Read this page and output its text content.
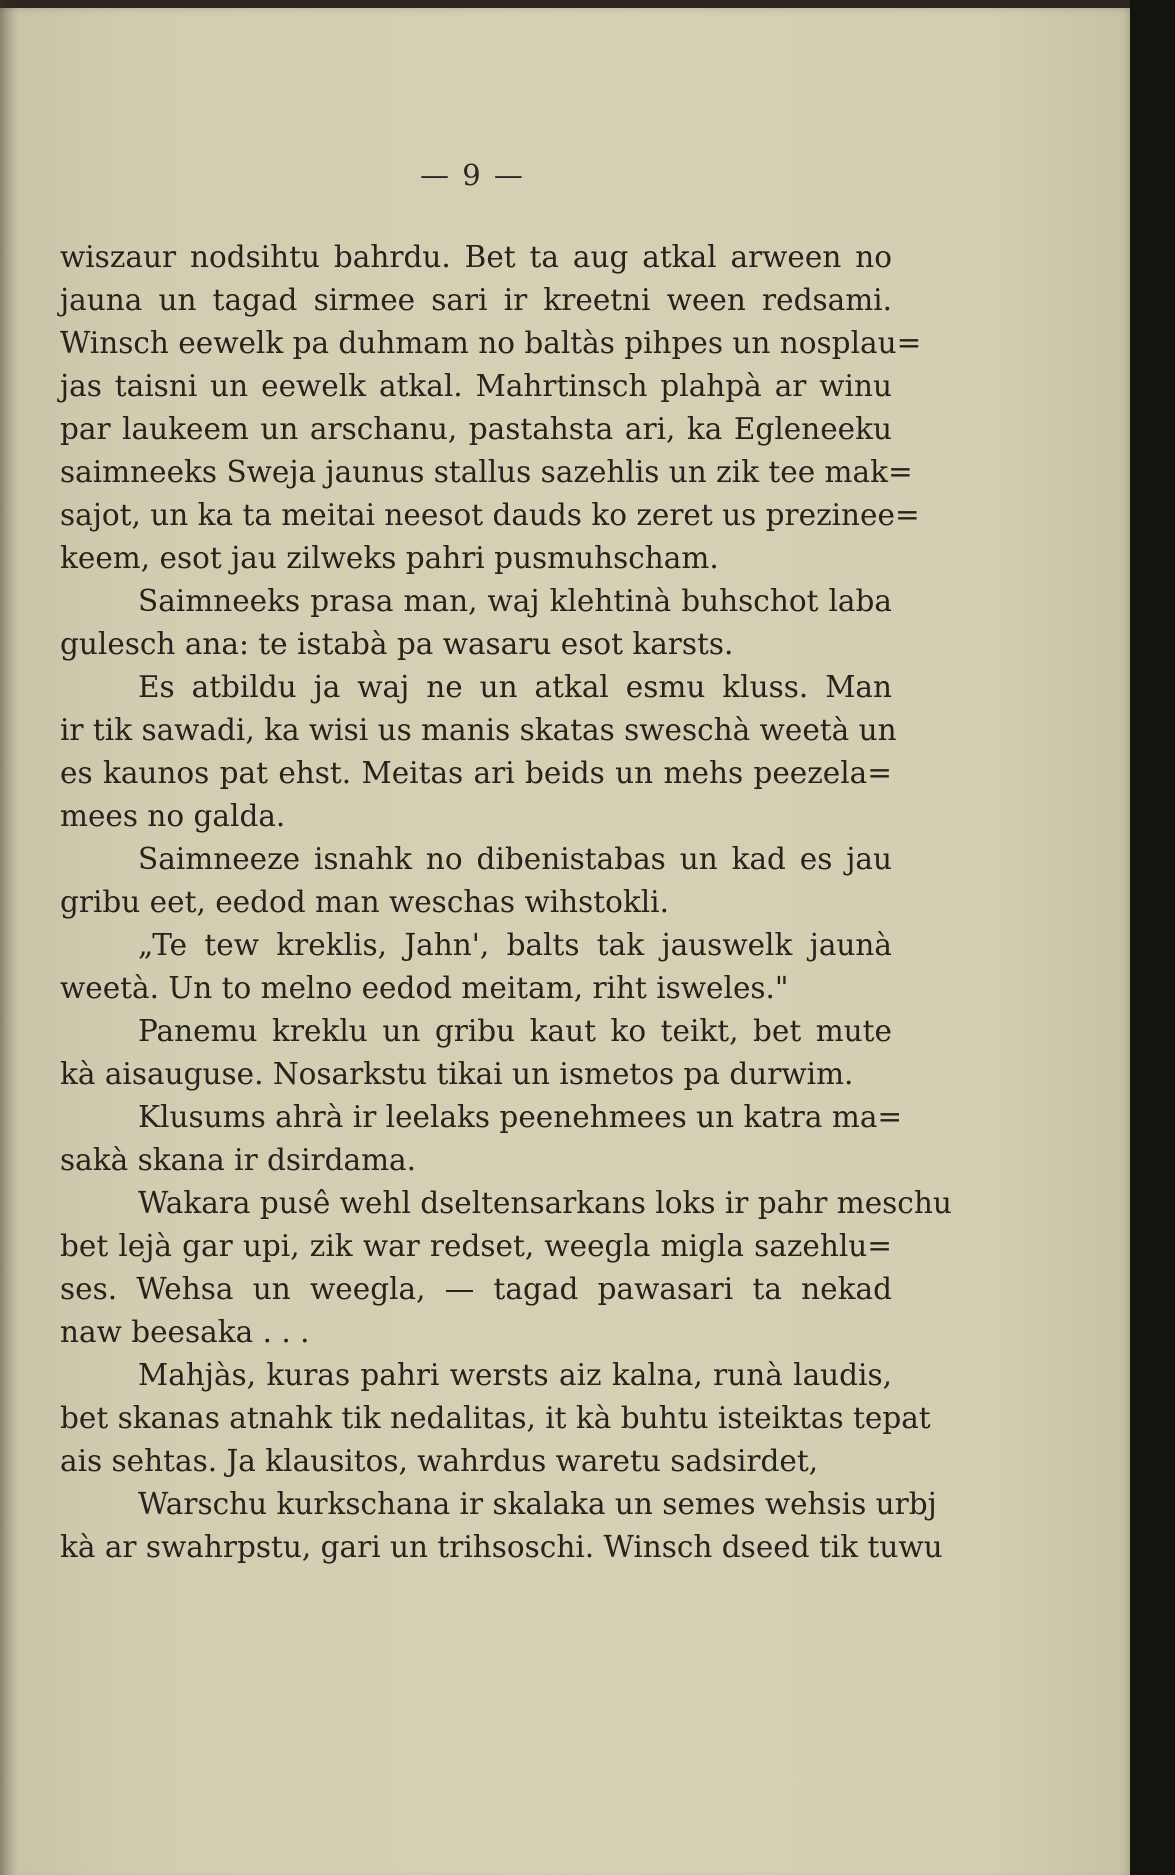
— 9 —
wiszaur nodsihtu bahrdu. Bet ta aug atkal arween no
jauna un tagad sirmee sari ir kreetni ween redsami.
Winsch eewelk pa duhmam no baltàs pihpes un nosplau=
jas taisni un eewelk atkal. Mahrtinsch plahpà ar winu
par laukeem un arschanu, pastahsta ari, ka Egleneeku
saimneeks Sweja jaunus stallus sazehlis un zik tee mak=
sajot, un ka ta meitai neesot dauds ko zeret us prezinee=
keem, esot jau zilweks pahri pusmuhscham.
Saimneeks prasa man, waj klehtinà buhschot laba
gulesch ana: te istabà pa wasaru esot karsts.
Es atbildu ja waj ne un atkal esmu kluss. Man
ir tik sawadi, ka wisi us manis skatas sweschà weetà un
es kaunos pat ehst. Meitas ari beids un mehs peezela=
mees no galda.
Saimneeze isnahk no dibenistabas un kad es jau
gribu eet, eedod man weschas wihstokli.
„Te tew kreklis, Jahn', balts tak jauswelk jaunà
weetà. Un to melno eedod meitam, riht isweles."
Panemu kreklu un gribu kaut ko teikt, bet mute
kà aisauguse. Nosarkstu tikai un ismetos pa durwim.
Klusums ahrà ir leelaks peenehmees un katra ma=
sakà skana ir dsirdama.
Wakara pusê wehl dseltensarkans loks ir pahr meschu
bet lejà gar upi, zik war redset, weegla migla sazehlu=
ses. Wehsa un weegla, — tagad pawasari ta nekad
naw beesaka . . .
Mahjàs, kuras pahri wersts aiz kalna, runà laudis,
bet skanas atnahk tik nedalitas, it kà buhtu isteiktas tepat
ais sehtas. Ja klausitos, wahrdus waretu sadsirdet,
Warschu kurkschana ir skalaka un semes wehsis urbj
kà ar swahrpstu, gari un trihsoschi. Winsch dseed tik tuwu
